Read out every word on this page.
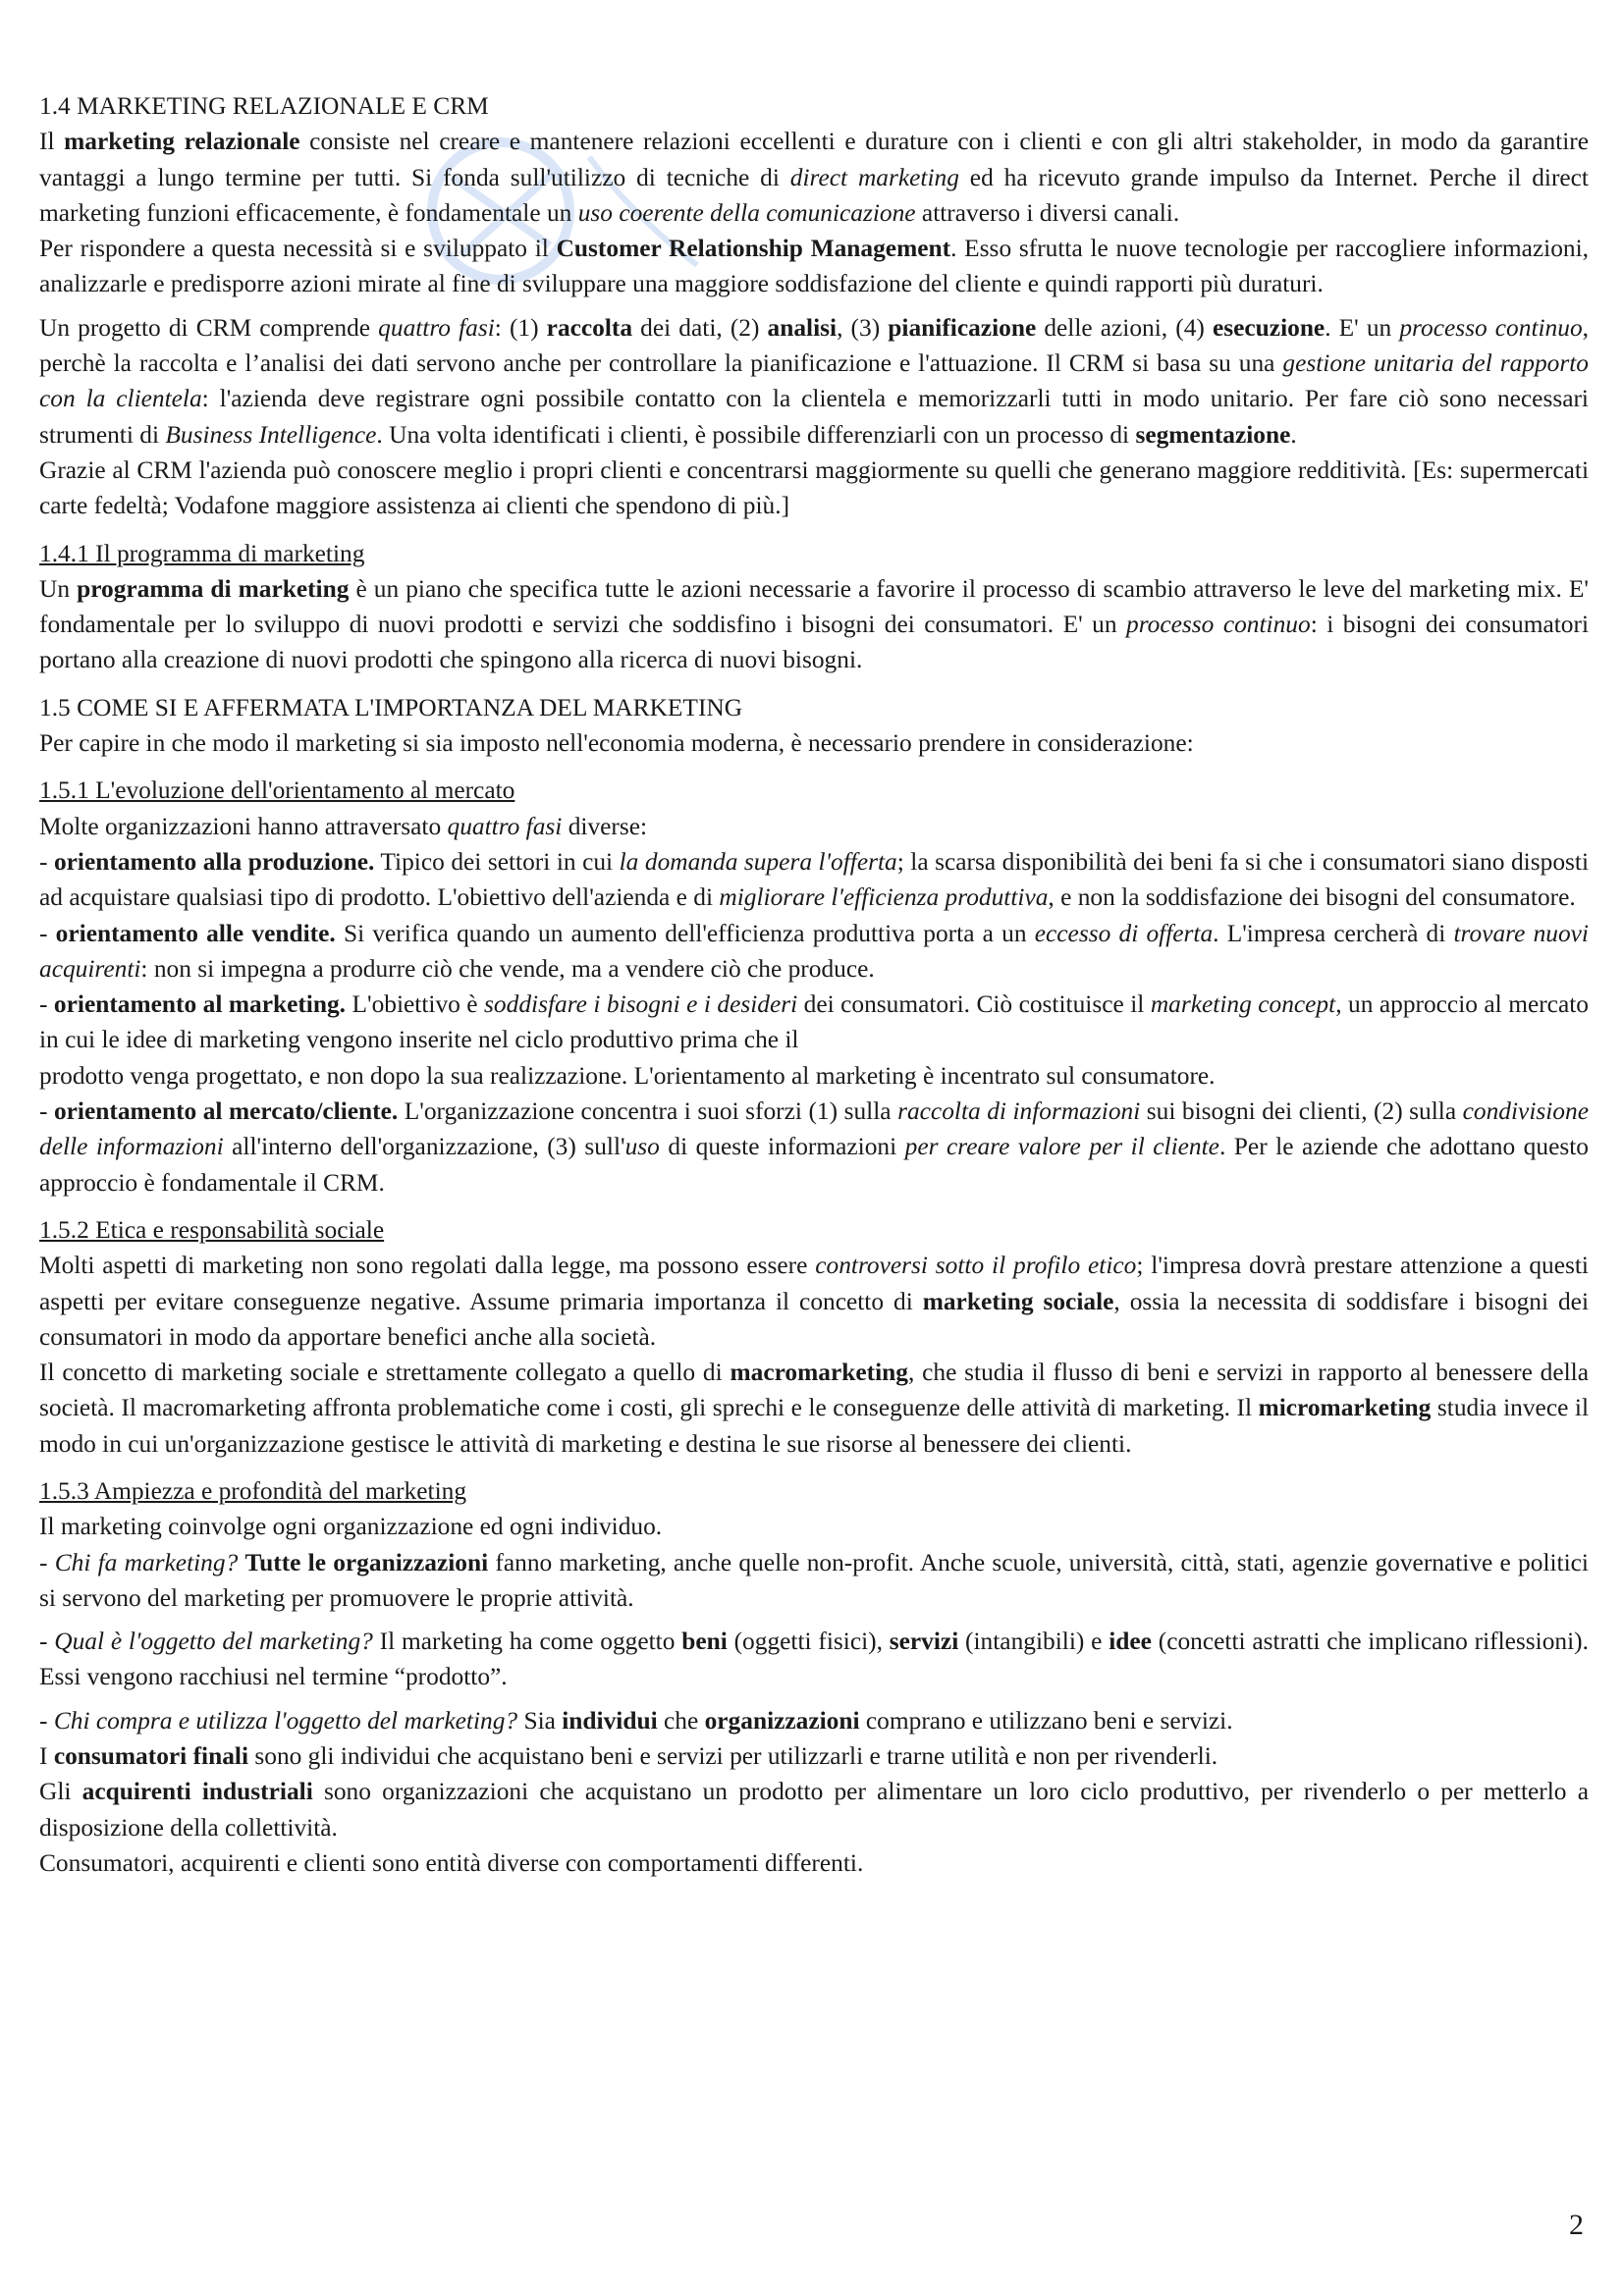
1.4 MARKETING RELAZIONALE E CRM

Il marketing relazionale consiste nel creare e mantenere relazioni eccellenti e durature con i clienti e con gli altri stakeholder, in modo da garantire vantaggi a lungo termine per tutti. Si fonda sull'utilizzo di tecniche di direct marketing ed ha ricevuto grande impulso da Internet. Perche il direct marketing funzioni efficacemente, è fondamentale un uso coerente della comunicazione attraverso i diversi canali.

Per rispondere a questa necessità si e sviluppato il Customer Relationship Management. Esso sfrutta le nuove tecnologie per raccogliere informazioni, analizzarle e predisporre azioni mirate al fine di sviluppare una maggiore soddisfazione del cliente e quindi rapporti più duraturi.

Un progetto di CRM comprende quattro fasi: (1) raccolta dei dati, (2) analisi, (3) pianificazione delle azioni, (4) esecuzione. E' un processo continuo, perchè la raccolta e l’analisi dei dati servono anche per controllare la pianificazione e l'attuazione. Il CRM si basa su una gestione unitaria del rapporto con la clientela: l'azienda deve registrare ogni possibile contatto con la clientela e memorizzarli tutti in modo unitario. Per fare ciò sono necessari strumenti di Business Intelligence. Una volta identificati i clienti, è possibile differenziarli con un processo di segmentazione.

Grazie al CRM l'azienda può conoscere meglio i propri clienti e concentrarsi maggiormente su quelli che generano maggiore redditività. [Es: supermercati carte fedeltà; Vodafone maggiore assistenza ai clienti che spendono di più.]

1.4.1 Il programma di marketing

Un programma di marketing è un piano che specifica tutte le azioni necessarie a favorire il processo di scambio attraverso le leve del marketing mix. E' fondamentale per lo sviluppo di nuovi prodotti e servizi che soddisfino i bisogni dei consumatori. E' un processo continuo: i bisogni dei consumatori portano alla creazione di nuovi prodotti che spingono alla ricerca di nuovi bisogni.

1.5 COME SI E AFFERMATA L'IMPORTANZA DEL MARKETING

Per capire in che modo il marketing si sia imposto nell'economia moderna, è necessario prendere in considerazione:

1.5.1 L'evoluzione dell'orientamento al mercato

Molte organizzazioni hanno attraversato quattro fasi diverse:

- orientamento alla produzione. Tipico dei settori in cui la domanda supera l'offerta; la scarsa disponibilità dei beni fa si che i consumatori siano disposti ad acquistare qualsiasi tipo di prodotto. L'obiettivo dell'azienda e di migliorare l'efficienza produttiva, e non la soddisfazione dei bisogni del consumatore.

- orientamento alle vendite. Si verifica quando un aumento dell'efficienza produttiva porta a un eccesso di offerta. L'impresa cercherà di trovare nuovi acquirenti: non si impegna a produrre ciò che vende, ma a vendere ciò che produce.

- orientamento al marketing. L'obiettivo è soddisfare i bisogni e i desideri dei consumatori. Ciò costituisce il marketing concept, un approccio al mercato in cui le idee di marketing vengono inserite nel ciclo produttivo prima che il

prodotto venga progettato, e non dopo la sua realizzazione. L'orientamento al marketing è incentrato sul consumatore.

- orientamento al mercato/cliente. L'organizzazione concentra i suoi sforzi (1) sulla raccolta di informazioni sui bisogni dei clienti, (2) sulla condivisione delle informazioni all'interno dell'organizzazione, (3) sull'uso di queste informazioni per creare valore per il cliente. Per le aziende che adottano questo approccio è fondamentale il CRM.

1.5.2 Etica e responsabilità sociale

Molti aspetti di marketing non sono regolati dalla legge, ma possono essere controversi sotto il profilo etico; l'impresa dovrà prestare attenzione a questi aspetti per evitare conseguenze negative. Assume primaria importanza il concetto di marketing sociale, ossia la necessita di soddisfare i bisogni dei consumatori in modo da apportare benefici anche alla società.

Il concetto di marketing sociale e strettamente collegato a quello di macromarketing, che studia il flusso di beni e servizi in rapporto al benessere della società. Il macromarketing affronta problematiche come i costi, gli sprechi e le conseguenze delle attività di marketing. Il micromarketing studia invece il modo in cui un'organizzazione gestisce le attività di marketing e destina le sue risorse al benessere dei clienti.

1.5.3 Ampiezza e profondità del marketing

Il marketing coinvolge ogni organizzazione ed ogni individuo.

- Chi fa marketing? Tutte le organizzazioni fanno marketing, anche quelle non-profit. Anche scuole, università, città, stati, agenzie governative e politici si servono del marketing per promuovere le proprie attività.

- Qual è l'oggetto del marketing? Il marketing ha come oggetto beni (oggetti fisici), servizi (intangibili) e idee (concetti astratti che implicano riflessioni). Essi vengono racchiusi nel termine “prodotto”.

- Chi compra e utilizza l'oggetto del marketing? Sia individui che organizzazioni comprano e utilizzano beni e servizi.

I consumatori finali sono gli individui che acquistano beni e servizi per utilizzarli e trarne utilità e non per rivenderli.

Gli acquirenti industriali sono organizzazioni che acquistano un prodotto per alimentare un loro ciclo produttivo, per rivenderlo o per metterlo a disposizione della collettività.

Consumatori, acquirenti e clienti sono entità diverse con comportamenti differenti.

2
